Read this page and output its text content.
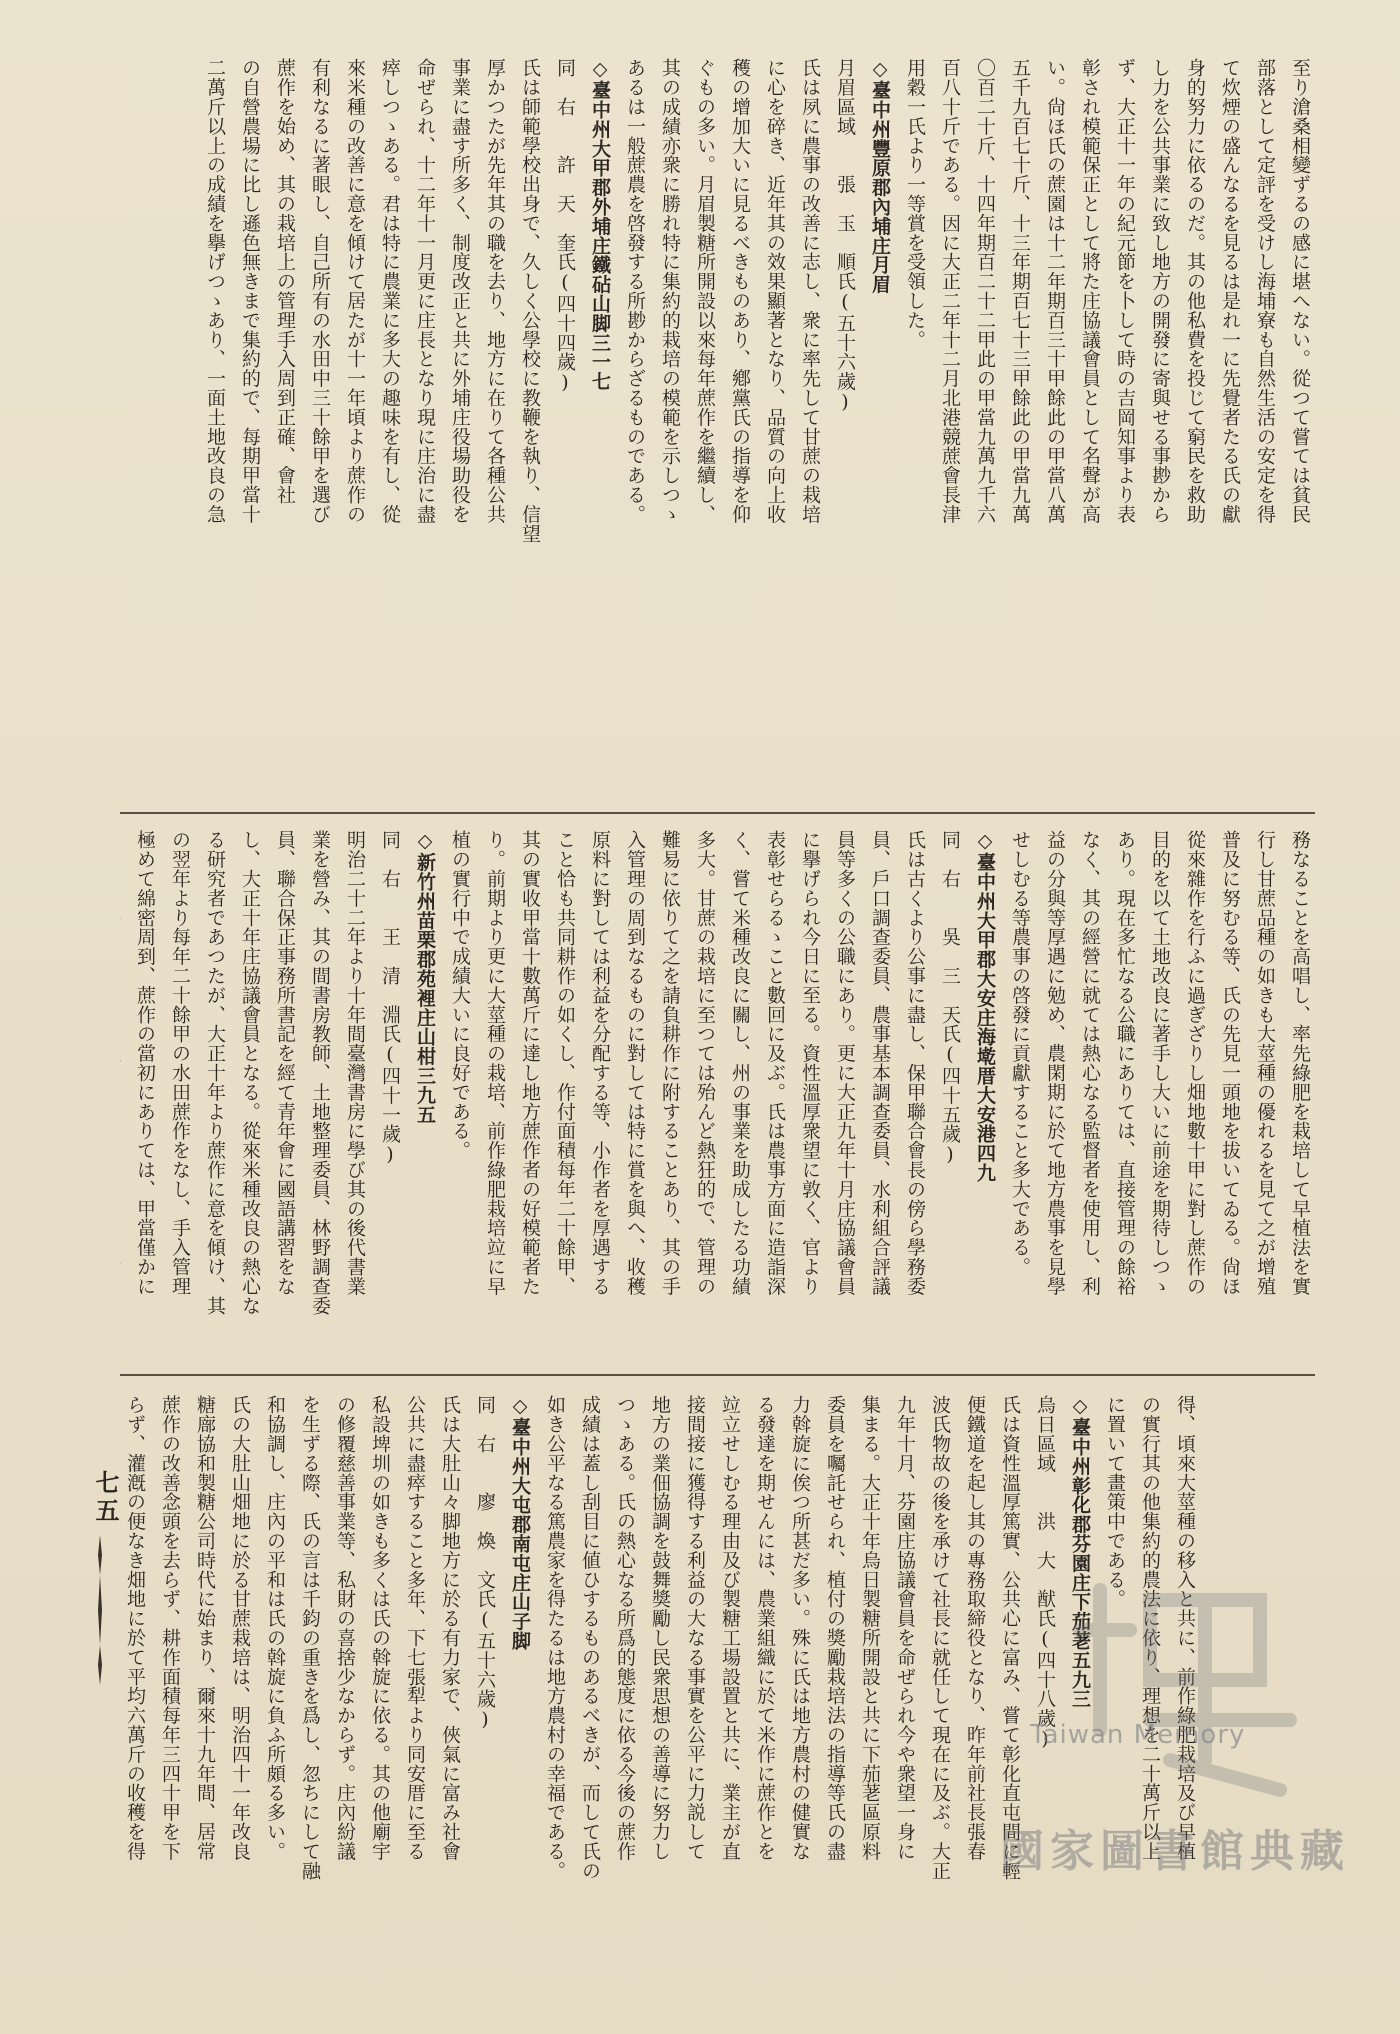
至り滄桑相變ずるの感に堪へない。從つて嘗ては貧民
部落として定評を受けし海埔寮も自然生活の安定を得
て炊煙の盛んなるを見るは是れ一に先覺者たる氏の獻
身的努力に依るのだ。其の他私費を投じて窮民を救助
し力を公共事業に致し地方の開發に寄與せる事尠から
ず、大正十一年の紀元節を卜して時の吉岡知事より表
彰され模範保正として將た庄協議會員として名聲が高
い。尙ほ氏の蔗園は十二年期百三十甲餘此の甲當八萬
五千九百七十斤、十三年期百七十三甲餘此の甲當九萬
〇百二十斤、十四年期百二十二甲此の甲當九萬九千六
百八十斤である。因に大正二年十二月北港競蔗會長津
用穀一氏より一等賞を受領した。
◇臺中州豐原郡內埔庄月眉
月眉區域　　張　玉　順氏(五十六歲)
氏は夙に農事の改善に志し、衆に率先して甘蔗の栽培
に心を碎き、近年其の效果顯著となり、品質の向上收
穫の增加大いに見るべきものあり、鄕黨氏の指導を仰
ぐもの多い。月眉製糖所開設以來每年蔗作を繼續し、
其の成績亦衆に勝れ特に集約的栽培の模範を示しつゝ
あるは一般蔗農を啓發する所尠からざるものである。
◇臺中州大甲郡外埔庄鐵砧山脚三一七
同　右　　許　天　奎氏(四十四歲)
氏は師範學校出身で、久しく公學校に教鞭を執り、信望
厚かつたが先年其の職を去り、地方に在りて各種公共
事業に盡す所多く、制度改正と共に外埔庄役場助役を
命ぜられ、十二年十一月更に庄長となり現に庄治に盡
瘁しつゝある。君は特に農業に多大の趣味を有し、從
來米種の改善に意を傾けて居たが十一年頃より蔗作の
有利なるに著眼し、自己所有の水田中三十餘甲を選び
蔗作を始め、其の栽培上の管理手入周到正確、會社
の自營農場に比し遜色無きまで集約的で、每期甲當十
二萬斤以上の成績を擧げつゝあり、一面土地改良の急
務なることを高唱し、率先綠肥を栽培して早植法を實
行し甘蔗品種の如きも大莖種の優れるを見て之が增殖
普及に努むる等、氏の先見一頭地を拔いてゐる。尙ほ
從來雜作を行ふに過ぎざりし畑地數十甲に對し蔗作の
目的を以て土地改良に著手し大いに前途を期待しつゝ
あり。現在多忙なる公職にありては、直接管理の餘裕
なく、其の經營に就ては熱心なる監督者を使用し、利
益の分與等厚遇に勉め、農閑期に於て地方農事を見學
せしむる等農事の啓發に貢獻すること多大である。
◇臺中州大甲郡大安庄海墘厝大安港四九
同　右　　吳　三　天氏(四十五歲)
氏は古くより公事に盡し、保甲聯合會長の傍ら學務委
員、戶口調查委員、農事基本調查委員、水利組合評議
員等多くの公職にあり。更に大正九年十月庄協議會員
に擧げられ今日に至る。資性溫厚衆望に敦く、官より
表彰せらるゝこと數回に及ぶ。氏は農事方面に造詣深
く、嘗て米種改良に關し、州の事業を助成したる功績
多大。甘蔗の栽培に至つては殆んど熱狂的で、管理の
難易に依りて之を請負耕作に附することあり、其の手
入管理の周到なるものに對しては特に賞を與へ、收穫
原料に對しては利益を分配する等、小作者を厚遇する
こと恰も共同耕作の如くし、作付面積每年二十餘甲、
其の實收甲當十數萬斤に達し地方蔗作者の好模範者た
り。前期より更に大莖種の栽培、前作綠肥栽培竝に早
植の實行中で成績大いに良好である。
◇新竹州苗栗郡苑裡庄山柑三九五
同　右　　王　清　淵氏(四十一歲)
明治二十二年より十年間臺灣書房に學び其の後代書業
業を營み、其の間書房教師、土地整理委員、林野調查委
員、聯合保正事務所書記を經て青年會に國語講習をな
し、大正十年庄協議會員となる。從來米種改良の熱心な
る研究者であつたが、大正十年より蔗作に意を傾け、其
の翌年より每年二十餘甲の水田蔗作をなし、手入管理
極めて綿密周到、蔗作の當初にありては、甲當僅かに
得、頃來大莖種の移入と共に、前作綠肥栽培及び早植
の實行其の他集約的農法に依り、理想を二十萬斤以上
に置いて畫策中である。
◇臺中州彰化郡芬園庄下茄荖五九三
烏日區域　　洪　大　猷氏(四十八歲)
氏は資性溫厚篤實、公共心に富み、嘗て彰化直屯間に輕
便鐵道を起し其の專務取締役となり、昨年前社長張春
波氏物故の後を承けて社長に就任して現在に及ぶ。大正
九年十月、芬園庄協議會員を命ぜられ今や衆望一身に
集まる。大正十年烏日製糖所開設と共に下茄荖區原料
委員を囑託せられ、植付の獎勵栽培法の指導等氏の盡
力斡旋に俟つ所甚だ多い。殊に氏は地方農村の健實な
る發達を期せんには、農業組織に於て米作に蔗作とを
竝立せしむる理由及び製糖工場設置と共に、業主が直
接間接に獲得する利益の大なる事實を公平に力説して
地方の業佃協調を鼓舞獎勵し民衆思想の善導に努力し
つゝある。氏の熱心なる所爲的態度に依る今後の蔗作
成績は蓋し刮目に値ひするものあるべきが、而して氏の
如き公平なる篤農家を得たるは地方農村の幸福である。
◇臺中州大屯郡南屯庄山子脚
同　右　　廖　煥　文氏(五十六歲)
氏は大肚山々脚地方に於る有力家で、俠氣に富み社會
公共に盡瘁すること多年、下七張犁より同安厝に至る
私設埤圳の如きも多くは氏の斡旋に依る。其の他廟宇
の修覆慈善事業等、私財の喜捨少なからず。庄內紛議
を生ずる際、氏の言は千鈞の重きを爲し、忽ちにして融
和協調し、庄內の平和は氏の斡旋に負ふ所頗る多い。
氏の大肚山畑地に於る甘蔗栽培は、明治四十一年改良
糖廍協和製糖公司時代に始まり、爾來十九年間、居常
蔗作の改善念頭を去らず、耕作面積每年三四十甲を下
らず、灌漑の便なき畑地に於て平均六萬斤の收穫を得
七五
Taiwan Memory
國家圖書館典藏
